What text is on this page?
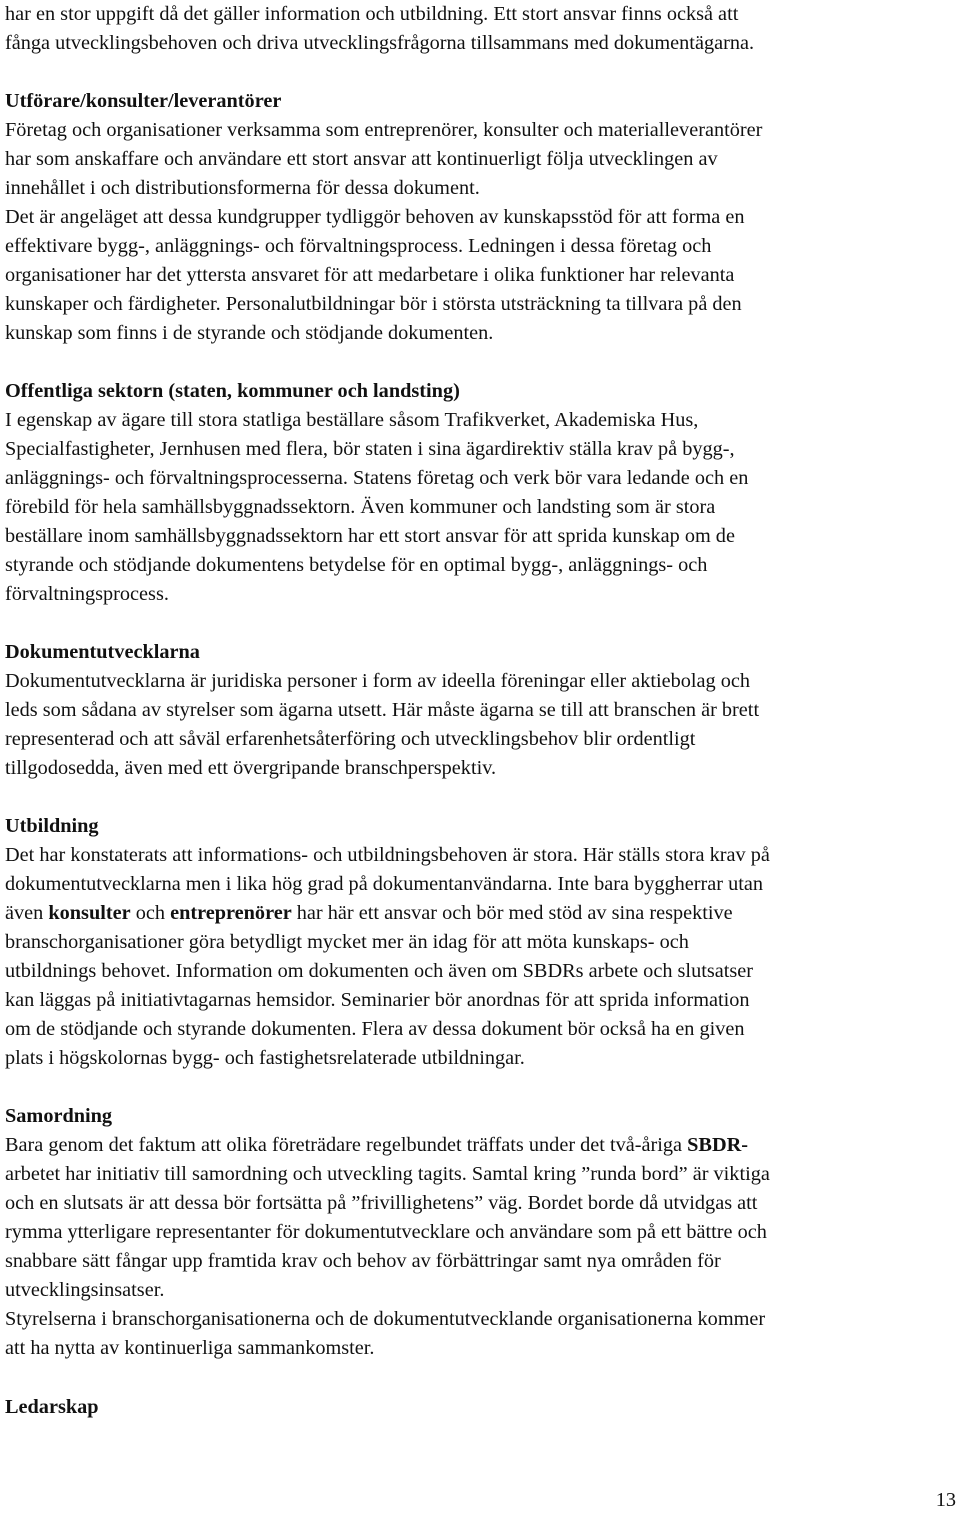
har en stor uppgift då det gäller information och utbildning. Ett stort ansvar finns också att
fånga utvecklingsbehoven och driva utvecklingsfrågorna tillsammans med dokumentägarna.
Utförare/konsulter/leverantörer
Företag och organisationer verksamma som entreprenörer, konsulter och materialleverantörer
har som anskaffare och användare ett stort ansvar att kontinuerligt följa utvecklingen av
innehållet i och distributionsformerna för dessa dokument.
Det är angeläget att dessa kundgrupper tydliggör behoven av kunskapsstöd för att forma en
effektivare bygg-, anläggnings- och förvaltningsprocess. Ledningen i dessa företag och
organisationer har det yttersta ansvaret för att medarbetare i olika funktioner har relevanta
kunskaper och färdigheter. Personalutbildningar bör i största utsträckning ta tillvara på den
kunskap som finns i de styrande och stödjande dokumenten.
Offentliga sektorn (staten, kommuner och landsting)
I egenskap av ägare till stora statliga beställare såsom Trafikverket, Akademiska Hus,
Specialfastigheter, Jernhusen med flera, bör staten i sina ägardirektiv ställa krav på bygg-,
anläggnings- och förvaltningsprocesserna. Statens företag och verk bör vara ledande och en
förebild för hela samhällsbyggnadssektorn. Även kommuner och landsting som är stora
beställare inom samhällsbyggnadssektorn har ett stort ansvar för att sprida kunskap om de
styrande och stödjande dokumentens betydelse för en optimal bygg-, anläggnings- och
förvaltningsprocess.
Dokumentutvecklarna
Dokumentutvecklarna är juridiska personer i form av ideella föreningar eller aktiebolag och
leds som sådana av styrelser som ägarna utsett. Här måste ägarna se till att branschen är brett
representerad och att såväl erfarenhetsåterföring och utvecklingsbehov blir ordentligt
tillgodosedda, även med ett övergripande branschperspektiv.
Utbildning
Det har konstaterats att informations- och utbildningsbehoven är stora. Här ställs stora krav på
dokumentutvecklarna men i lika hög grad på dokumentanvändarna. Inte bara byggherrar utan
även konsulter och entreprenörer har här ett ansvar och bör med stöd av sina respektive
branschorganisationer göra betydligt mycket mer än idag för att möta kunskaps- och
utbildnings behovet. Information om dokumenten och även om SBDRs arbete och slutsatser
kan läggas på initiativtagarnas hemsidor. Seminarier bör anordnas för att sprida information
om de stödjande och styrande dokumenten. Flera av dessa dokument bör också ha en given
plats i högskolornas bygg- och fastighetsrelaterade utbildningar.
Samordning
Bara genom det faktum att olika företrädare regelbundet träffats under det två-åriga SBDR-
arbetet har initiativ till samordning och utveckling tagits. Samtal kring ”runda bord” är viktiga
och en slutsats är att dessa bör fortsätta på ”frivillighetens” väg. Bordet borde då utvidgas att
rymma ytterligare representanter för dokumentutvecklare och användare som på ett bättre och
snabbare sätt fångar upp framtida krav och behov av förbättringar samt nya områden för
utvecklingsinsatser.
Styrelserna i branschorganisationerna och de dokumentutvecklande organisationerna kommer
att ha nytta av kontinuerliga sammankomster.
Ledarskap
13
